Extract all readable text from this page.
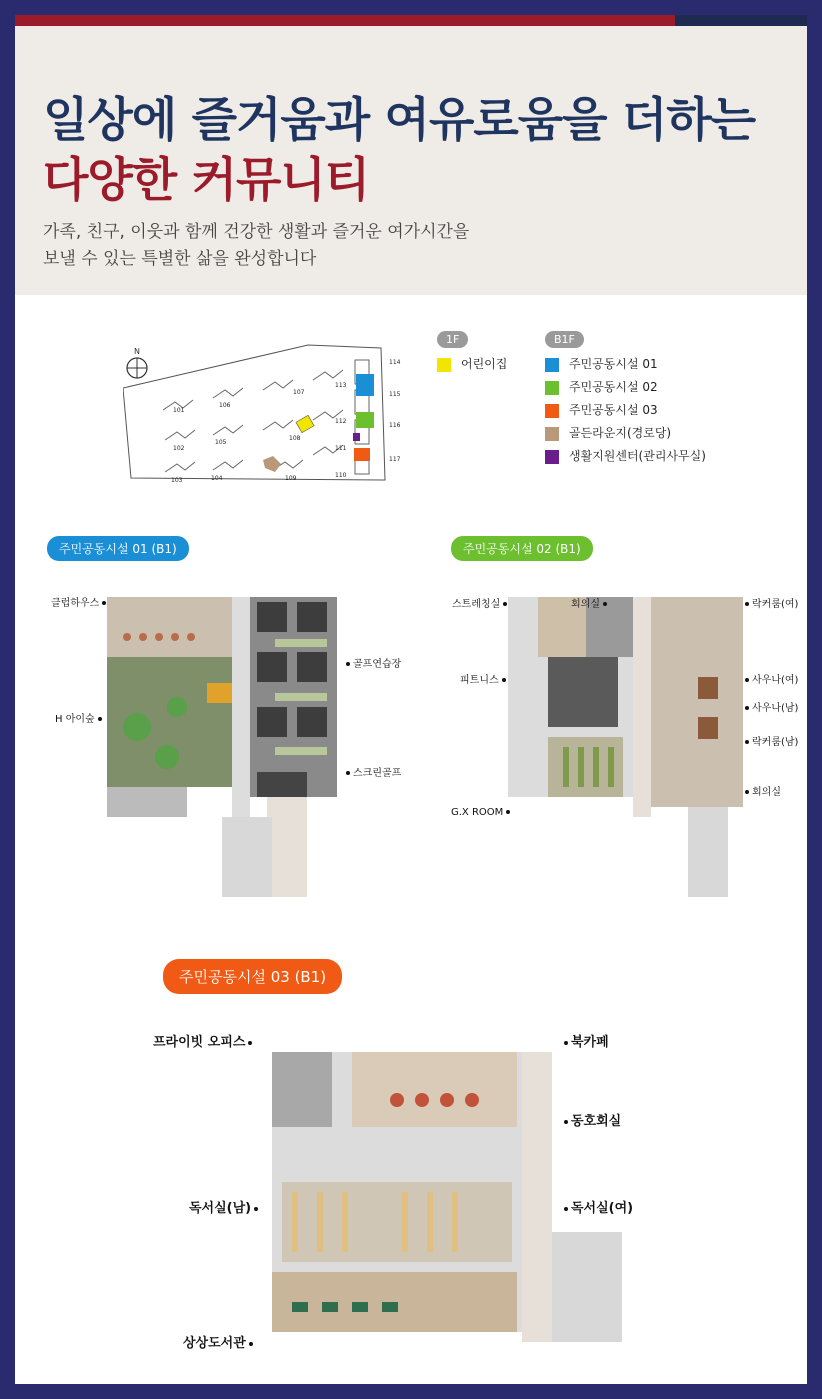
일상에 즐거움과 여유로움을 더하는
다양한 커뮤니티
가족, 친구, 이웃과 함께 건강한 생활과 즐거운 여가시간을
보낼 수 있는 특별한 삶을 완성합니다
N
101
102
103	104
105
106
107
108
109	110
111
112
113
114
115
116
117
1F	B1F
어린이집	주민공동시설 01
주민공동시설 02
주민공동시설 03
골든라운지(경로당)
생활지원센터(관리사무실)
주민공동시설 01 (B1)
클럽하우스
H 아이숲
골프연습장
스크린골프
주민공동시설 02 (B1)
스트레칭실	회의실
피트니스
G.X ROOM
락커룸(여)
사우나(여)
사우나(남)
락커룸(남)
회의실
주민공동시설 03 (B1)
프라이빗 오피스	북카페
동호회실
독서실(남)	독서실(여)
상상도서관
